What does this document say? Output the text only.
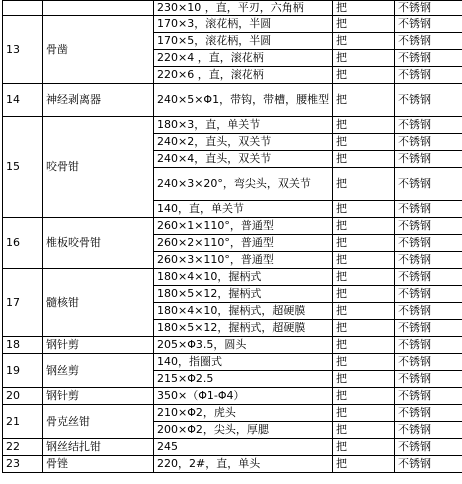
		230×10 ，直，平刃，六角柄	把	不锈钢
13	骨凿	170×3，滚花柄，半圆	把	不锈钢
		170×5，滚花柄，半圆	把	不锈钢
		220×4 ，直，滚花柄	把	不锈钢
		220×6 ，直，滚花柄	把	不锈钢
14	神经剥离器	240×5×Φ1，带钩，带槽，腰椎型	把	不锈钢
15	咬骨钳	180×3，直，单关节	把	不锈钢
		240×2，直头，双关节	把	不锈钢
		240×4，直头，双关节	把	不锈钢
		240×3×20°，弯尖头，双关节	把	不锈钢
		140，直，单关节	把	不锈钢
16	椎板咬骨钳	260×1×110°，普通型	把	不锈钢
		260×2×110°，普通型	把	不锈钢
		260×3×110°，普通型	把	不锈钢
17	髓核钳	180×4×10，握柄式	把	不锈钢
		180×5×12，握柄式	把	不锈钢
		180×4×10，握柄式，超硬膜	把	不锈钢
		180×5×12，握柄式，超硬膜	把	不锈钢
18	钢针剪	205×Φ3.5，圆头	把	不锈钢
19	钢丝剪	140，指圈式	把	不锈钢
		215×Φ2.5	把	不锈钢
20	钢针剪	350×（Φ1-Φ4）	把	不锈钢
21	骨克丝钳	210×Φ2，虎头	把	不锈钢
		200×Φ2，尖头，厚腮	把	不锈钢
22	钢丝结扎钳	245	把	不锈钢
23	骨锉	220，2#，直，单头	把	不锈钢
